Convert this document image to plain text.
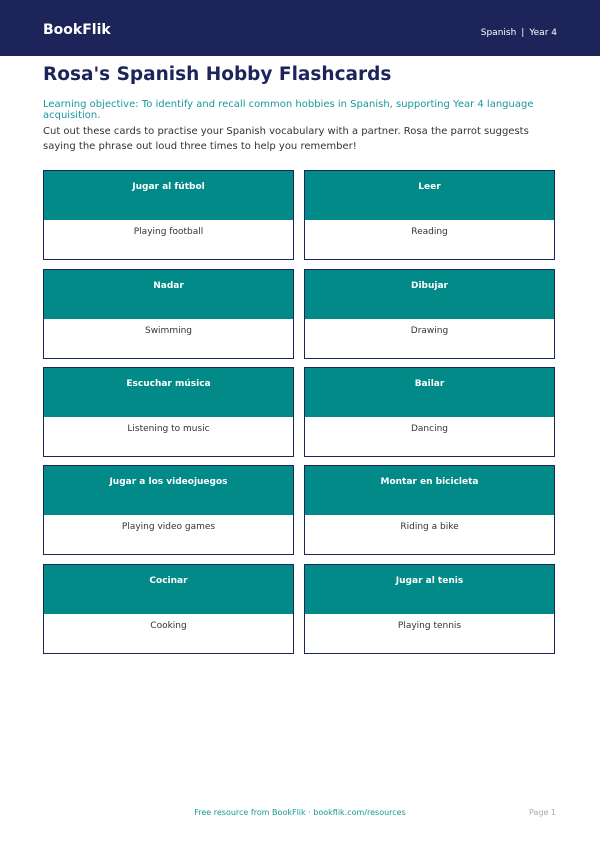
BookFlik	Spanish | Year 4
Rosa's Spanish Hobby Flashcards

Learning objective: To identify and recall common hobbies in Spanish, supporting Year 4 language acquisition.

Cut out these cards to practise your Spanish vocabulary with a partner. Rosa the parrot suggests saying the phrase out loud three times to help you remember!

Jugar al fútbol
Playing football
Leer
Reading
Nadar
Swimming
Dibujar
Drawing
Escuchar música
Listening to music
Bailar
Dancing
Jugar a los videojuegos
Playing video games
Montar en bicicleta
Riding a bike
Cocinar
Cooking
Jugar al tenis
Playing tennis
Free resource from BookFlik · bookflik.com/resources	Page 1
